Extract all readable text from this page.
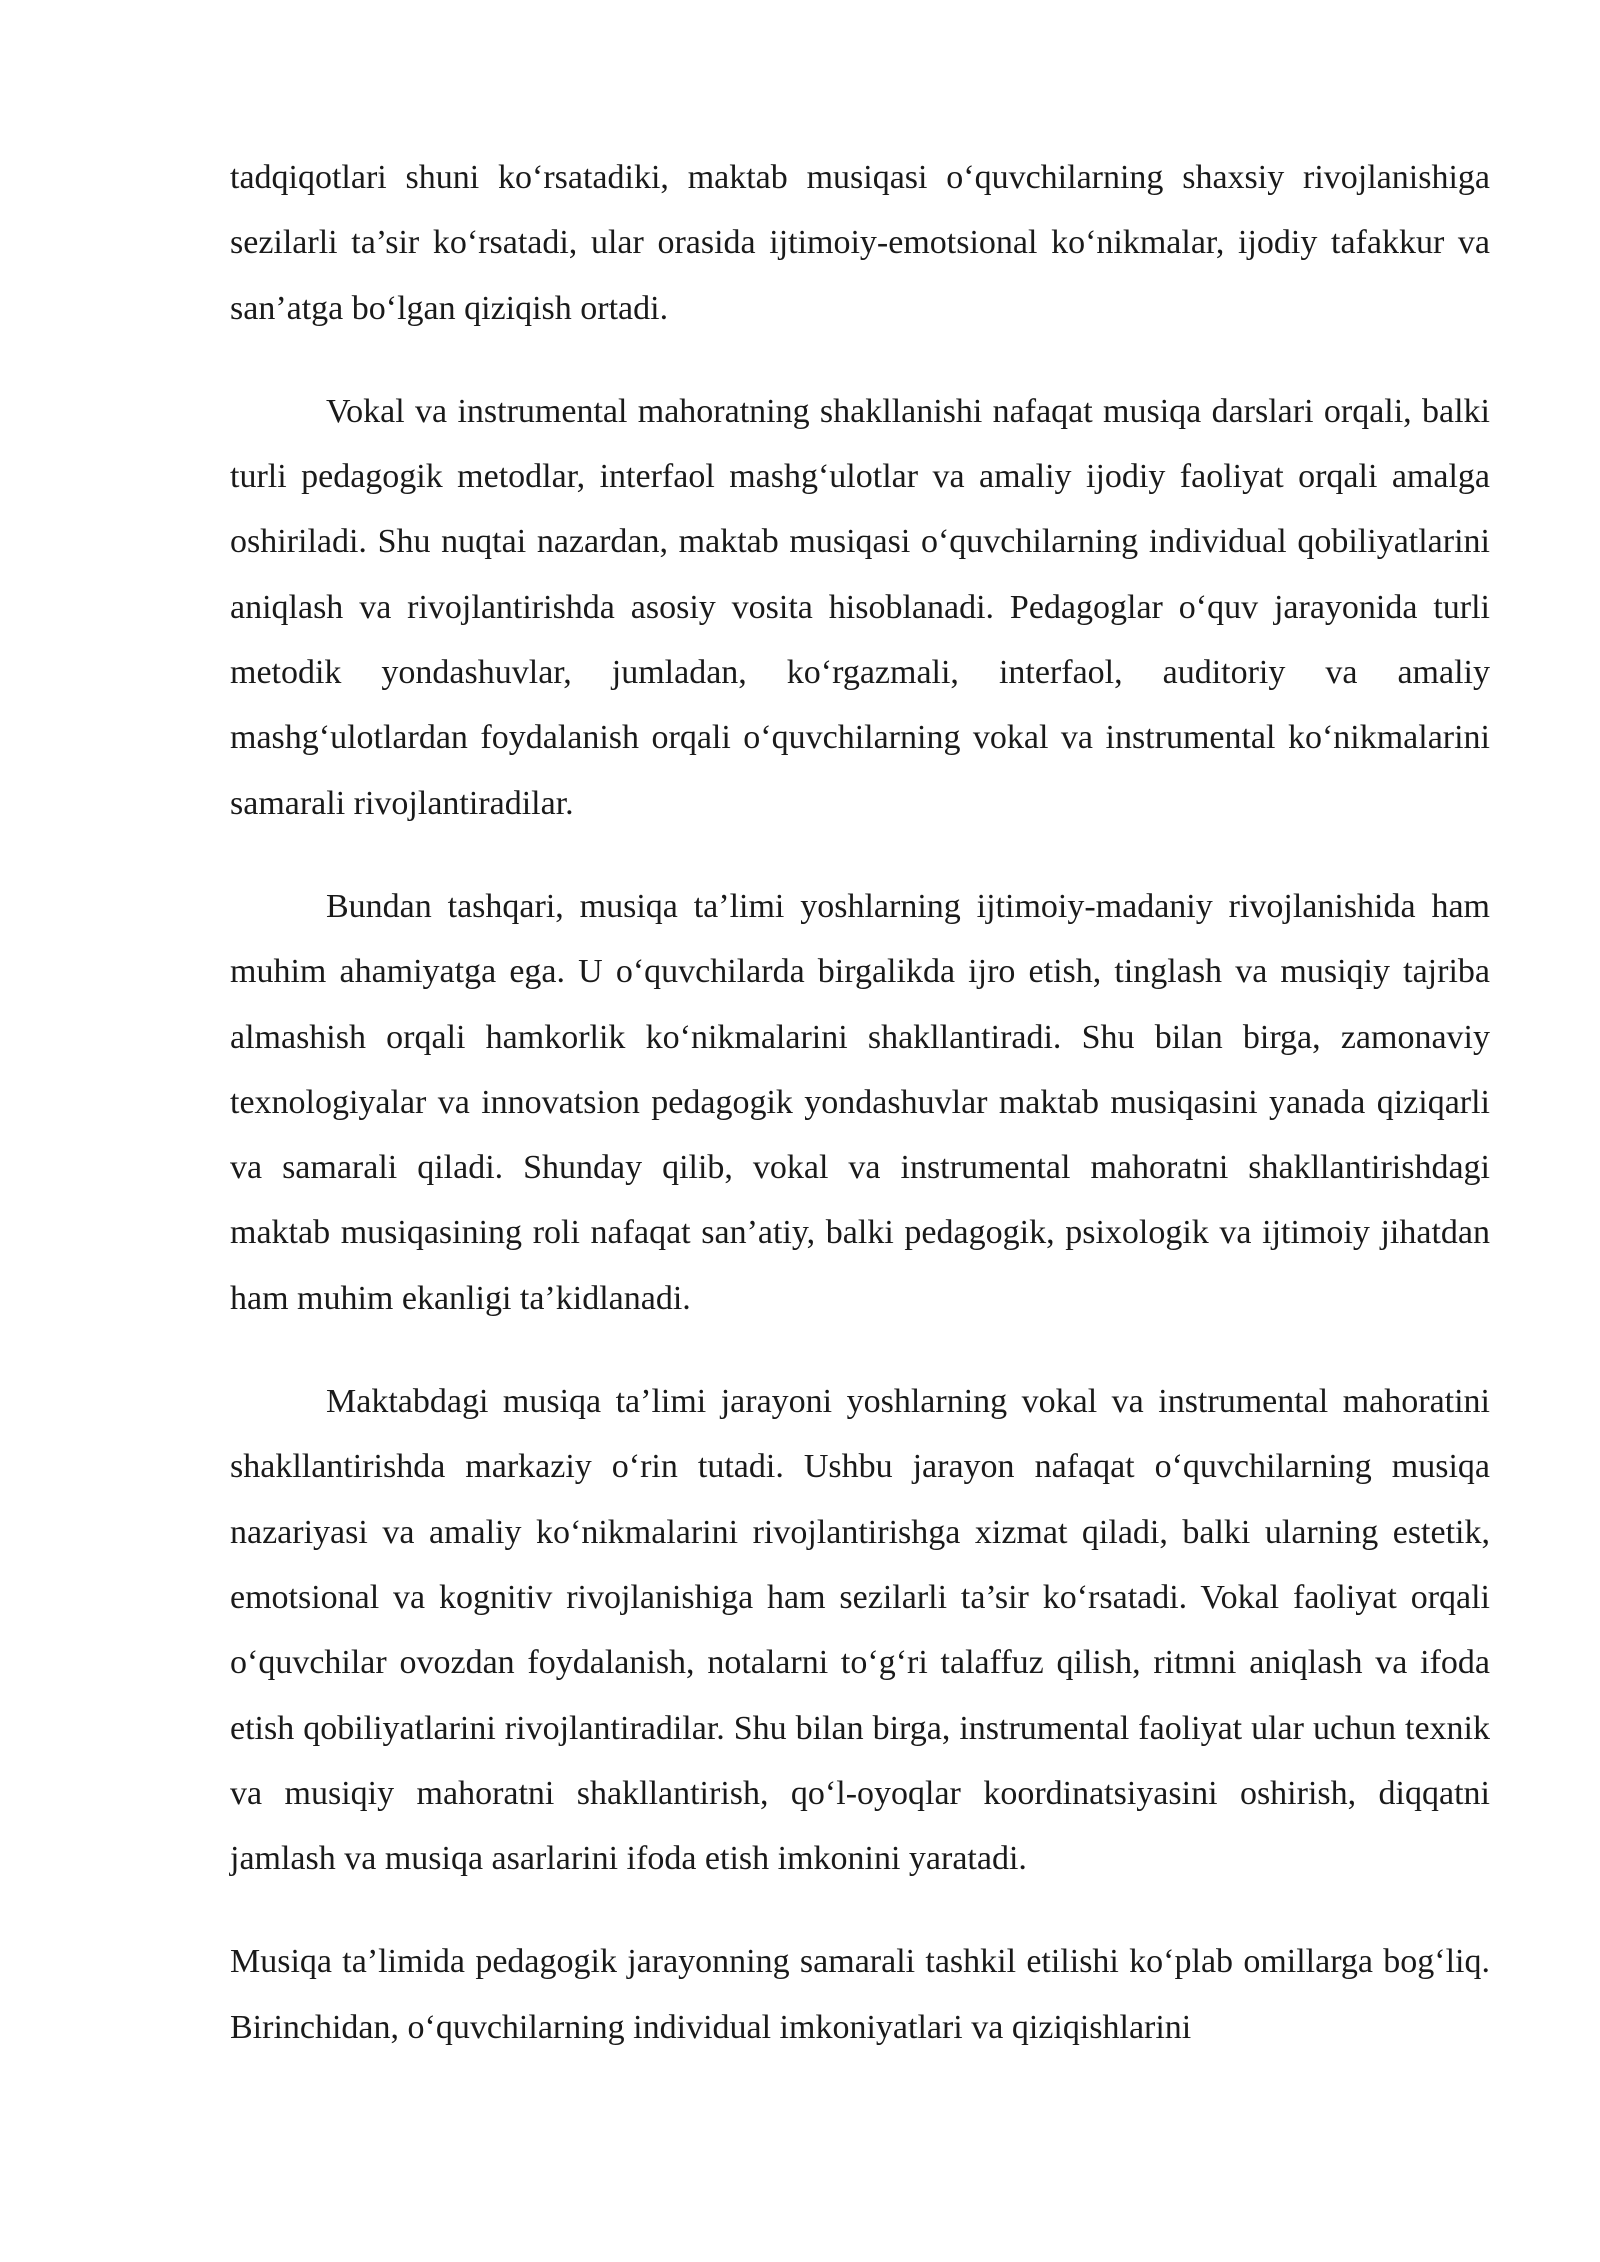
tadqiqotlari shuni ko‘rsatadiki, maktab musiqasi o‘quvchilarning shaxsiy rivojlanishiga sezilarli ta’sir ko‘rsatadi, ular orasida ijtimoiy-emotsional ko‘nikmalar, ijodiy tafakkur va san’atga bo‘lgan qiziqish ortadi.

Vokal va instrumental mahoratning shakllanishi nafaqat musiqa darslari orqali, balki turli pedagogik metodlar, interfaol mashg‘ulotlar va amaliy ijodiy faoliyat orqali amalga oshiriladi. Shu nuqtai nazardan, maktab musiqasi o‘quvchilarning individual qobiliyatlarini aniqlash va rivojlantirishda asosiy vosita hisoblanadi. Pedagoglar o‘quv jarayonida turli metodik yondashuvlar, jumladan, ko‘rgazmali, interfaol, auditoriy va amaliy mashg‘ulotlardan foydalanish orqali o‘quvchilarning vokal va instrumental ko‘nikmalarini samarali rivojlantiradilar.

Bundan tashqari, musiqa ta’limi yoshlarning ijtimoiy-madaniy rivojlanishida ham muhim ahamiyatga ega. U o‘quvchilarda birgalikda ijro etish, tinglash va musiqiy tajriba almashish orqali hamkorlik ko‘nikmalarini shakllantiradi. Shu bilan birga, zamonaviy texnologiyalar va innovatsion pedagogik yondashuvlar maktab musiqasini yanada qiziqarli va samarali qiladi. Shunday qilib, vokal va instrumental mahoratni shakllantirishdagi maktab musiqasining roli nafaqat san’atiy, balki pedagogik, psixologik va ijtimoiy jihatdan ham muhim ekanligi ta’kidlanadi.

Maktabdagi musiqa ta’limi jarayoni yoshlarning vokal va instrumental mahoratini shakllantirishda markaziy o‘rin tutadi. Ushbu jarayon nafaqat o‘quvchilarning musiqa nazariyasi va amaliy ko‘nikmalarini rivojlantirishga xizmat qiladi, balki ularning estetik, emotsional va kognitiv rivojlanishiga ham sezilarli ta’sir ko‘rsatadi. Vokal faoliyat orqali o‘quvchilar ovozdan foydalanish, notalarni to‘g‘ri talaffuz qilish, ritmni aniqlash va ifoda etish qobiliyatlarini rivojlantiradilar. Shu bilan birga, instrumental faoliyat ular uchun texnik va musiqiy mahoratni shakllantirish, qo‘l-oyoqlar koordinatsiyasini oshirish, diqqatni jamlash va musiqa asarlarini ifoda etish imkonini yaratadi.

Musiqa ta’limida pedagogik jarayonning samarali tashkil etilishi ko‘plab omillarga bog‘liq. Birinchidan, o‘quvchilarning individual imkoniyatlari va qiziqishlarini
